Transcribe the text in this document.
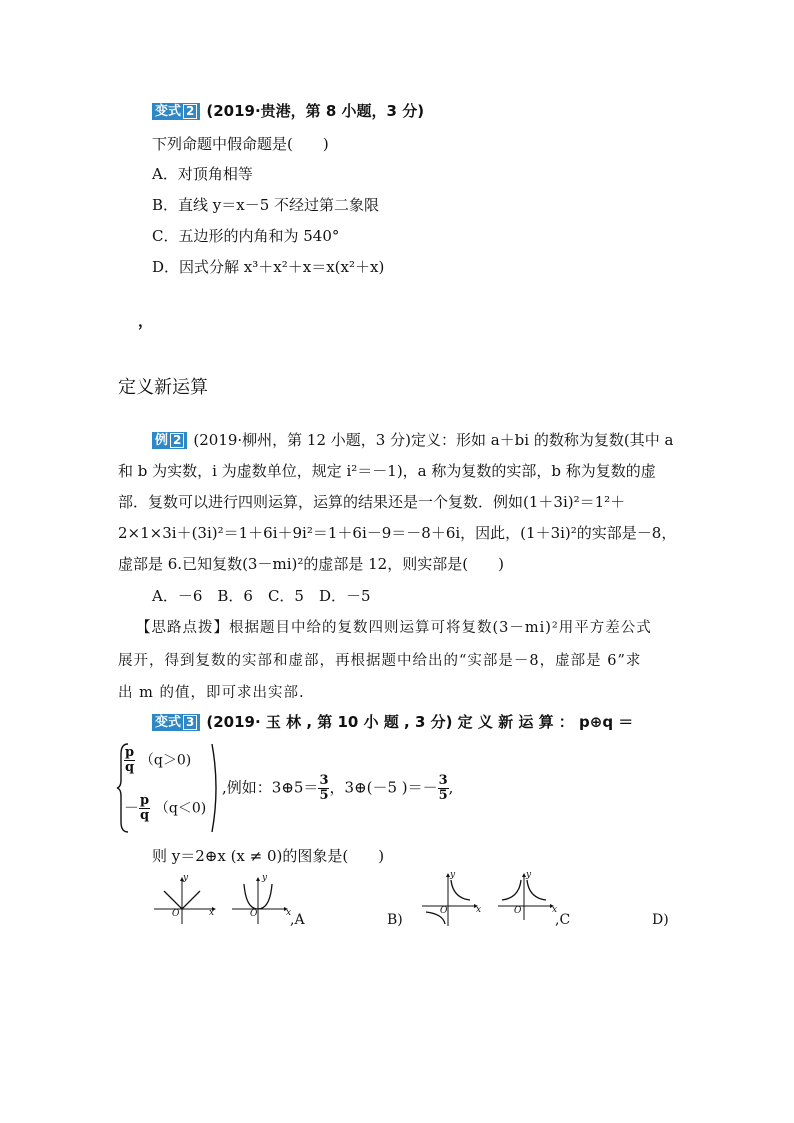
变式 2 (2019·贵港，第 8 小题，3 分)
下列命题中假命题是(　　)
A．对顶角相等
B．直线 y＝x－5 不经过第二象限
C．五边形的内角和为 540°
D．因式分解 x³＋x²＋x＝x(x²＋x)
，
定义新运算
例 2 (2019·柳州，第 12 小题，3 分)定义：形如 a＋bi 的数称为复数(其中 a
和 b 为实数，i 为虚数单位，规定 i²＝－1)，a 称为复数的实部，b 称为复数的虚
部．复数可以进行四则运算，运算的结果还是一个复数．例如(1＋3i)²＝1²＋
2×1×3i＋(3i)²＝1＋6i＋9i²＝1＋6i－9＝－8＋6i，因此，(1＋3i)²的实部是－8，
虚部是 6.已知复数(3－mi)²的虚部是 12，则实部是(　　)
A．－6　B．6　C．5　D．－5
【思路点拨】根据题目中给的复数四则运算可将复数(3－mi)²用平方差公式
展开，得到复数的实部和虚部，再根据题中给出的“实部是－8，虚部是 6”求
出 m 的值，即可求出实部.
变式 3 (2019· 玉 林 , 第 10 小 题 , 3 分) 定 义 新 运 算 ： p⊕q ＝
$\frac{p}{q} (q>0)$
－ $\frac{p}{q} (q<0)$
,例如：3⊕5＝ $\frac{3}{5}$ ，3⊕(－5 )＝－ $\frac{3}{5}$ ,
则 y＝2⊕x (x ≠ 0)的图象是(　　)
y
O	x
y
O	x
,A	B)
y
O	x
y
O	x
,C	D)
